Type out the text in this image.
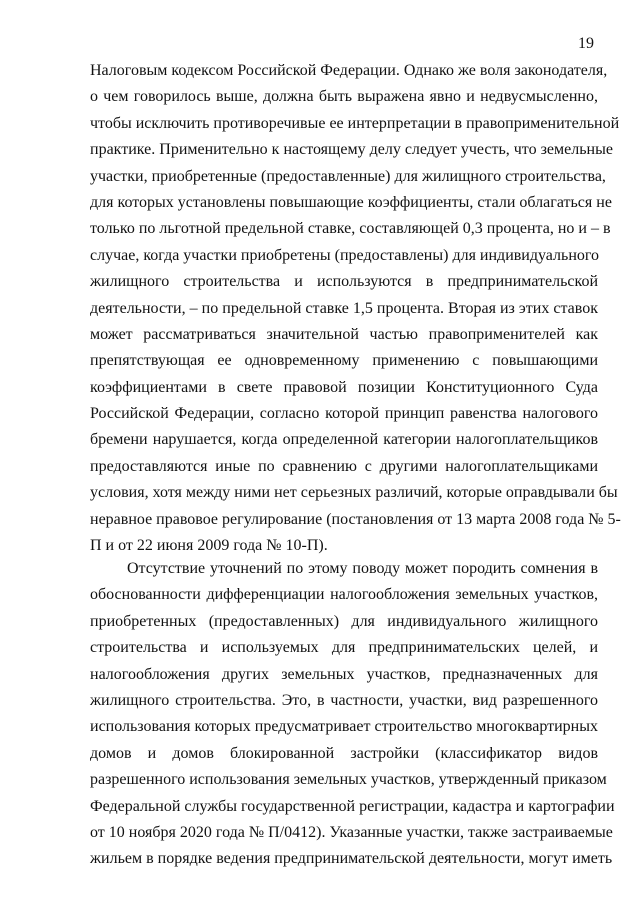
19
Налоговым кодексом Российской Федерации. Однако же воля законодателя,
о чем говорилось выше, должна быть выражена явно и недвусмысленно,
чтобы исключить противоречивые ее интерпретации в правоприменительной
практике. Применительно к настоящему делу следует учесть, что земельные
участки, приобретенные (предоставленные) для жилищного строительства,
для которых установлены повышающие коэффициенты, стали облагаться не
только по льготной предельной ставке, составляющей 0,3 процента, но и – в
случае, когда участки приобретены (предоставлены) для индивидуального
жилищного строительства и используются в предпринимательской
деятельности, – по предельной ставке 1,5 процента. Вторая из этих ставок
может рассматриваться значительной частью правоприменителей как
препятствующая ее одновременному применению с повышающими
коэффициентами в свете правовой позиции Конституционного Суда
Российской Федерации, согласно которой принцип равенства налогового
бремени нарушается, когда определенной категории налогоплательщиков
предоставляются иные по сравнению с другими налогоплательщиками
условия, хотя между ними нет серьезных различий, которые оправдывали бы
неравное правовое регулирование (постановления от 13 марта 2008 года № 5-
П и от 22 июня 2009 года № 10-П).
Отсутствие уточнений по этому поводу может породить сомнения в
обоснованности дифференциации налогообложения земельных участков,
приобретенных (предоставленных) для индивидуального жилищного
строительства и используемых для предпринимательских целей, и
налогообложения других земельных участков, предназначенных для
жилищного строительства. Это, в частности, участки, вид разрешенного
использования которых предусматривает строительство многоквартирных
домов и домов блокированной застройки (классификатор видов
разрешенного использования земельных участков, утвержденный приказом
Федеральной службы государственной регистрации, кадастра и картографии
от 10 ноября 2020 года № П/0412). Указанные участки, также застраиваемые
жильем в порядке ведения предпринимательской деятельности, могут иметь
